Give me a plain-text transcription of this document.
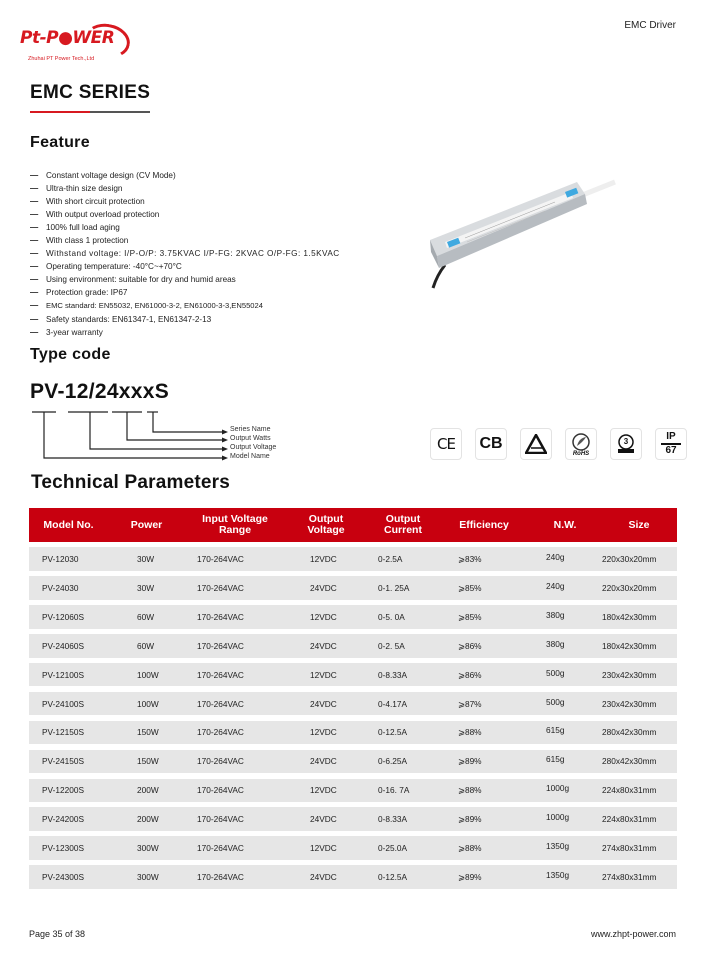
Pt-P●WER
Zhuhai PT Power Tech.,Ltd
EMC Driver
EMC SERIES
Feature
— Constant voltage design (CV Mode)
— Ultra-thin size design
— With short circuit protection
— With output overload protection
— 100% full load aging
— With class 1 protection
— Withstand voltage: I/P-O/P: 3.75KVAC I/P-FG: 2KVAC O/P-FG: 1.5KVAC
— Operating temperature: -40°C~+70°C
— Using environment: suitable for dry and humid areas
— Protection grade: IP67
—	EMC standard: EN55032, EN61000-3-2, EN61000-3-3,EN55024
— Safety standards: EN61347-1, EN61347-2-13
— 3-year warranty
Type code
PV-12/24xxxS
Series Name
Output Watts
Output Voltage
Model Name
CE CB
RoHS
3	IP
67
Technical Parameters
Model No.	Power	Input Voltage
Range
Output
Voltage
Output
Current	Efficiency	N.W.	Size
PV-12030	30W	170-264VAC	12VDC	0-2.5A	⩾83%	240g	220x30x20mm
PV-24030	30W	170-264VAC	24VDC	0-1. 25A	⩾85%	240g	220x30x20mm
PV-12060S	60W	170-264VAC	12VDC	0-5. 0A	⩾85%	380g	180x42x30mm
PV-24060S	60W	170-264VAC	24VDC	0-2. 5A	⩾86%	380g	180x42x30mm
PV-12100S	100W	170-264VAC	12VDC	0-8.33A	⩾86%	500g	230x42x30mm
PV-24100S	100W	170-264VAC	24VDC	0-4.17A	⩾87%	500g	230x42x30mm
PV-12150S	150W	170-264VAC	12VDC	0-12.5A	⩾88%	615g	280x42x30mm
PV-24150S	150W	170-264VAC	24VDC	0-6.25A	⩾89%	615g	280x42x30mm
PV-12200S	200W	170-264VAC	12VDC	0-16. 7A	⩾88%	1000g	224x80x31mm
PV-24200S	200W	170-264VAC	24VDC	0-8.33A	⩾89%	1000g	224x80x31mm
PV-12300S	300W	170-264VAC	12VDC	0-25.0A	⩾88%	1350g	274x80x31mm
PV-24300S	300W	170-264VAC	24VDC	0-12.5A	⩾89%	1350g	274x80x31mm
Page 35 of 38	www.zhpt-power.com
